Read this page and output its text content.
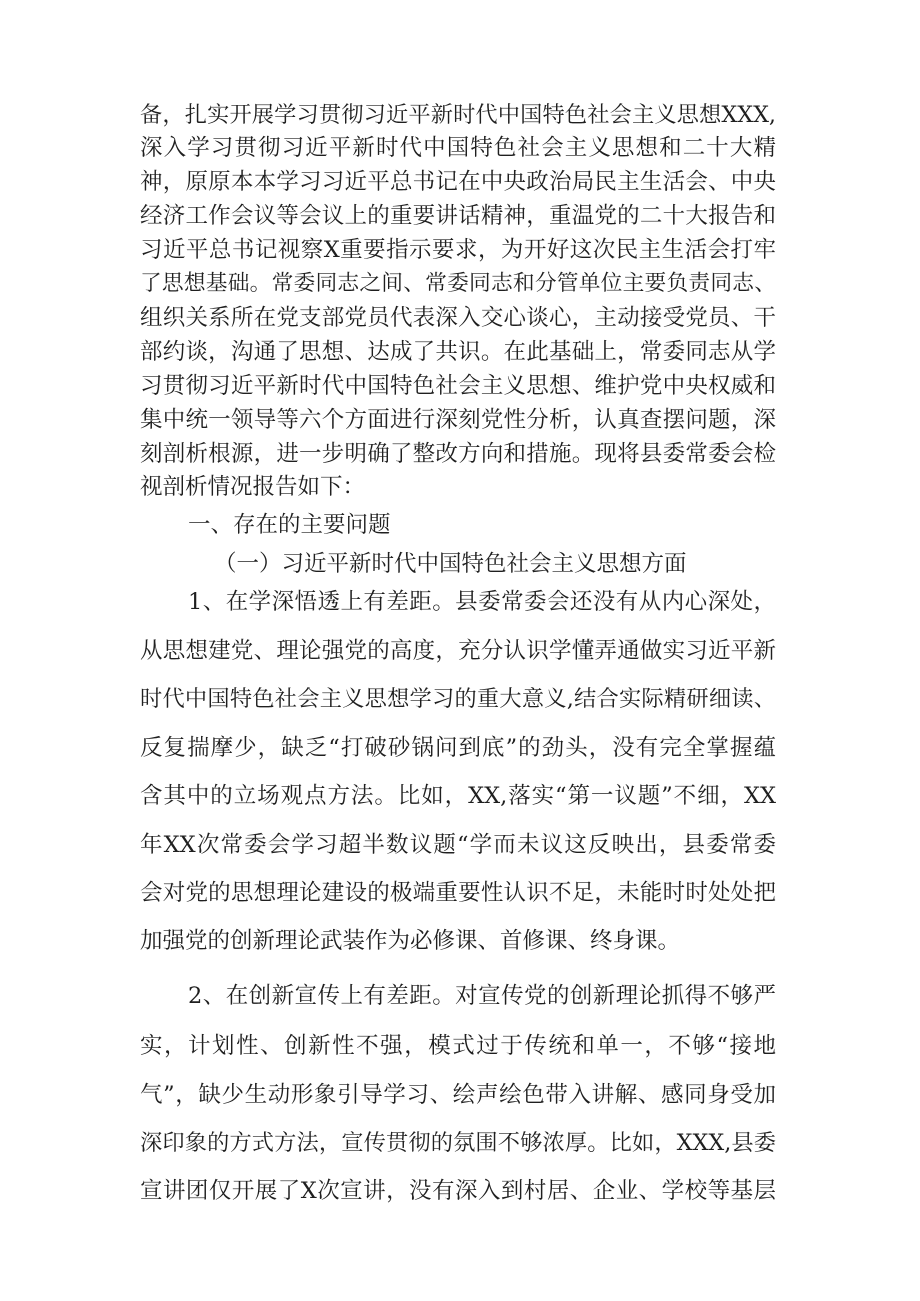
备，扎实开展学习贯彻习近平新时代中国特色社会主义思想XXX,
深入学习贯彻习近平新时代中国特色社会主义思想和二十大精
神，原原本本学习习近平总书记在中央政治局民主生活会、中央
经济工作会议等会议上的重要讲话精神，重温党的二十大报告和
习近平总书记视察X重要指示要求，为开好这次民主生活会打牢
了思想基础。常委同志之间、常委同志和分管单位主要负责同志、
组织关系所在党支部党员代表深入交心谈心，主动接受党员、干
部约谈，沟通了思想、达成了共识。在此基础上，常委同志从学
习贯彻习近平新时代中国特色社会主义思想、维护党中央权威和
集中统一领导等六个方面进行深刻党性分析，认真查摆问题，深
刻剖析根源，进一步明确了整改方向和措施。现将县委常委会检
视剖析情况报告如下：
一、存在的主要问题
（一）习近平新时代中国特色社会主义思想方面
1、在学深悟透上有差距。县委常委会还没有从内心深处，
从思想建党、理论强党的高度，充分认识学懂弄通做实习近平新
时代中国特色社会主义思想学习的重大意义,结合实际精研细读、
反复揣摩少，缺乏“打破砂锅问到底”的劲头，没有完全掌握蕴
含其中的立场观点方法。比如，XX,落实“第一议题”不细，XX
年XX次常委会学习超半数议题“学而未议这反映出，县委常委
会对党的思想理论建设的极端重要性认识不足，未能时时处处把
加强党的创新理论武装作为必修课、首修课、终身课。
2、在创新宣传上有差距。对宣传党的创新理论抓得不够严
实，计划性、创新性不强，模式过于传统和单一，不够“接地
气”，缺少生动形象引导学习、绘声绘色带入讲解、感同身受加
深印象的方式方法，宣传贯彻的氛围不够浓厚。比如，XXX,县委
宣讲团仅开展了X次宣讲，没有深入到村居、企业、学校等基层
